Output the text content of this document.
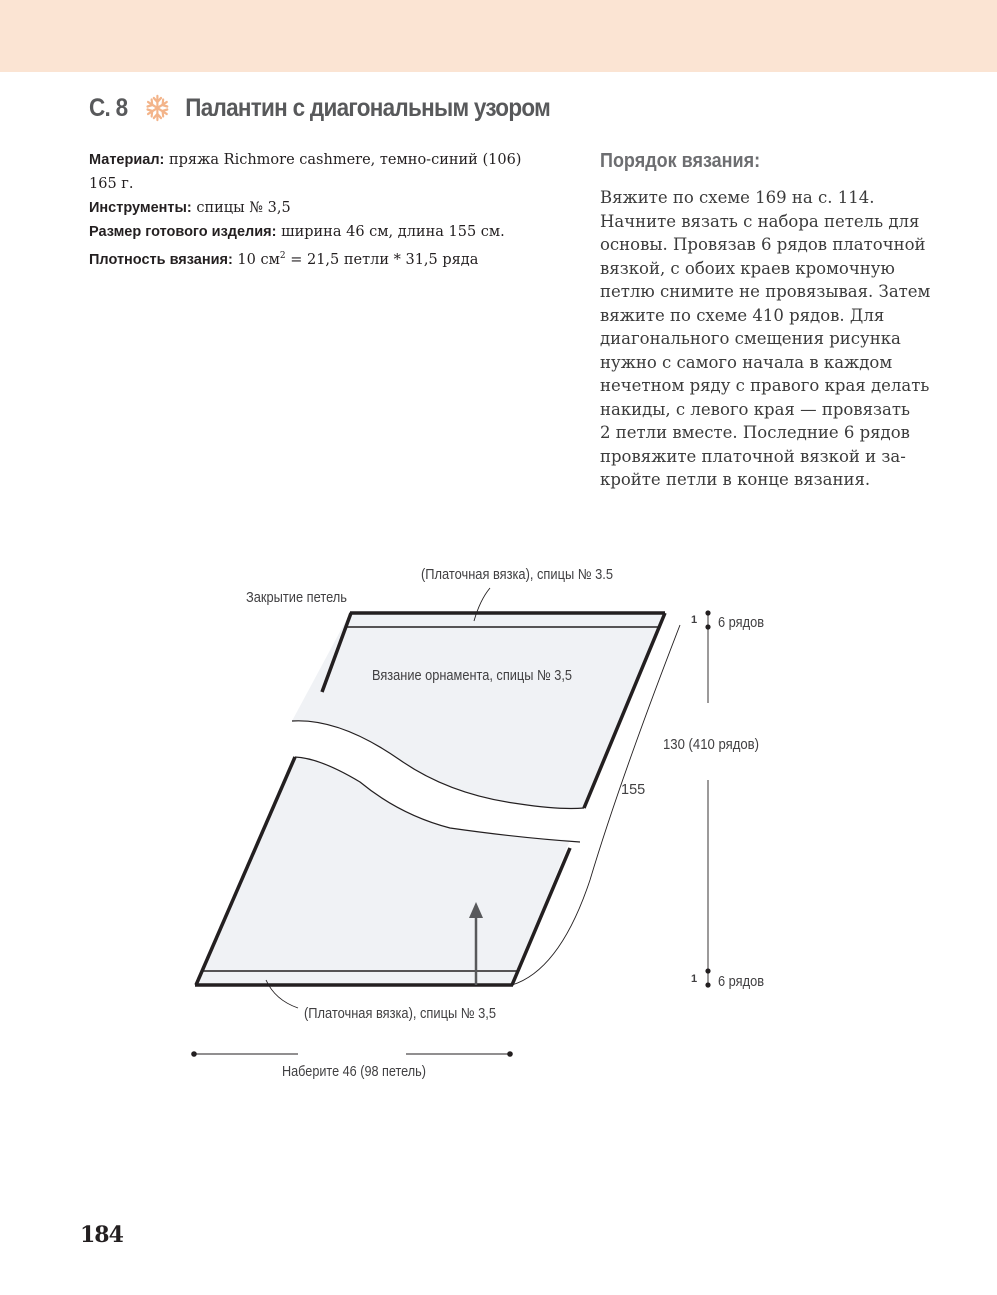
С. 8 Палантин с диагональным узором
Материал: пряжа Richmore cashmere, темно-синий (106)
165 г.
Инструменты: спицы № 3,5
Размер готового изделия: ширина 46 см, длина 155 см.
Плотность вязания: 10 $см^2 = 21,5$ петли * 31,5 ряда
Порядок вязания:
Вяжите по схеме 169 на с. 114.
Начните вязать с набора петель для
основы. Провязав 6 рядов платочной
вязкой, с обоих краев кромочную
петлю снимите не провязывая. Затем
вяжите по схеме 410 рядов. Для
диагонального смещения рисунка
нужно с самого начала в каждом
нечетном ряду с правого края делать
накиды, с левого края — провязать
2 петли вместе. Последние 6 рядов
провяжите платочной вязкой и за-
кройте петли в конце вязания.
(Платочная вязка), спицы № 3.5
Закрытие петель
Вязание орнамента, спицы № 3,5
1 6 рядов
130 (410 рядов)
155
1 6 рядов
(Платочная вязка), спицы № 3,5
Наберите 46 (98 петель)
184
